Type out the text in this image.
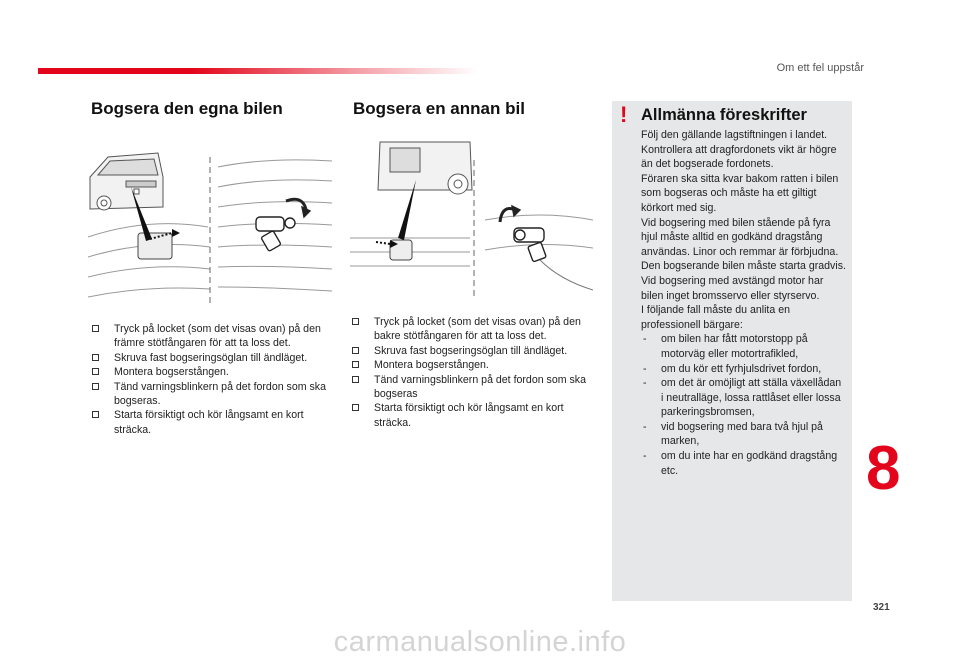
Om ett fel uppstår
Bogsera den egna bilen
Tryck på locket (som det visas ovan) på den främre stötfångaren för att ta loss det.
Skruva fast bogseringsöglan till ändläget.
Montera bogserstången.
Tänd varningsblinkern på det fordon som ska bogseras.
Starta försiktigt och kör långsamt en kort sträcka.
Bogsera en annan bil
Tryck på locket (som det visas ovan) på den bakre stötfångaren för att ta loss det.
Skruva fast bogseringsöglan till ändläget.
Montera bogserstången.
Tänd varningsblinkern på det fordon som ska bogseras
Starta försiktigt och kör långsamt en kort sträcka.
! Allmänna föreskrifter

Följ den gällande lagstiftningen i landet.

Kontrollera att dragfordonets vikt är högre än det bogserade fordonets.

Föraren ska sitta kvar bakom ratten i bilen som bogseras och måste ha ett giltigt körkort med sig.

Vid bogsering med bilen stående på fyra hjul måste alltid en godkänd dragstång användas. Linor och remmar är förbjudna.

Den bogserande bilen måste starta gradvis.

Vid bogsering med avstängd motor har bilen inget bromsservo eller styrservo.

I följande fall måste du anlita en professionell bärgare:

- om bilen har fått motorstopp på motorväg eller motortrafikled,
- om du kör ett fyrhjulsdrivet fordon,
- om det är omöjligt att ställa växellådan i neutralläge, lossa rattlåset eller lossa parkeringsbromsen,
- vid bogsering med bara två hjul på marken,
- om du inte har en godkänd dragstång etc.	8
321
carmanualsonline.info
